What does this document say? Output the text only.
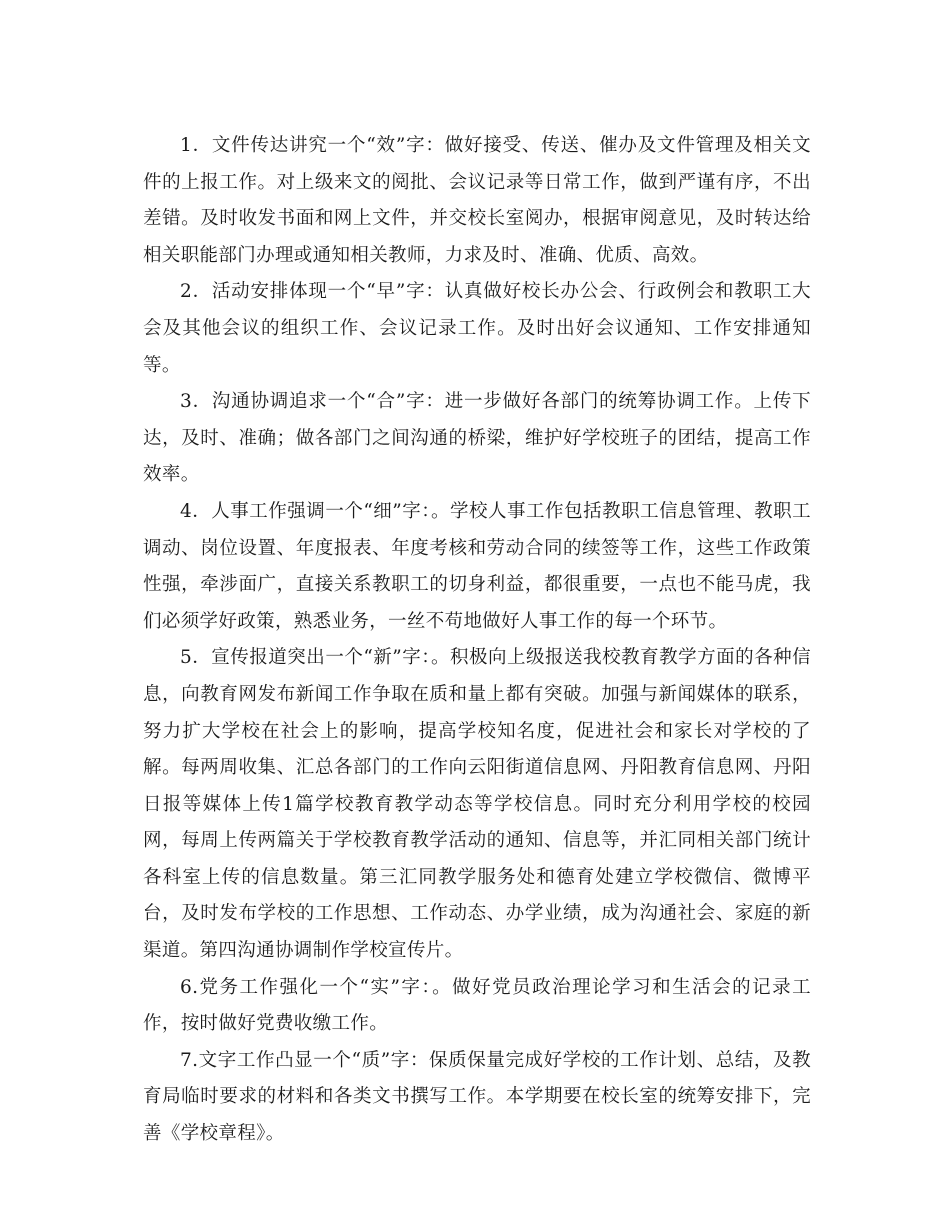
1．文件传达讲究一个“效”字：做好接受、传送、催办及文件管理及相关文件的上报工作。对上级来文的阅批、会议记录等日常工作，做到严谨有序，不出差错。及时收发书面和网上文件，并交校长室阅办，根据审阅意见，及时转达给相关职能部门办理或通知相关教师，力求及时、准确、优质、高效。

2．活动安排体现一个“早”字：认真做好校长办公会、行政例会和教职工大会及其他会议的组织工作、会议记录工作。及时出好会议通知、工作安排通知等。

3．沟通协调追求一个“合”字：进一步做好各部门的统筹协调工作。上传下达，及时、准确；做各部门之间沟通的桥梁，维护好学校班子的团结，提高工作效率。

4．人事工作强调一个“细”字：。学校人事工作包括教职工信息管理、教职工调动、岗位设置、年度报表、年度考核和劳动合同的续签等工作，这些工作政策性强，牵涉面广，直接关系教职工的切身利益，都很重要，一点也不能马虎，我们必须学好政策，熟悉业务，一丝不苟地做好人事工作的每一个环节。

5．宣传报道突出一个“新”字：。积极向上级报送我校教育教学方面的各种信息，向教育网发布新闻工作争取在质和量上都有突破。加强与新闻媒体的联系，努力扩大学校在社会上的影响，提高学校知名度，促进社会和家长对学校的了解。每两周收集、汇总各部门的工作向云阳街道信息网、丹阳教育信息网、丹阳日报等媒体上传1篇学校教育教学动态等学校信息。同时充分利用学校的校园网，每周上传两篇关于学校教育教学活动的通知、信息等，并汇同相关部门统计各科室上传的信息数量。第三汇同教学服务处和德育处建立学校微信、微博平台，及时发布学校的工作思想、工作动态、办学业绩，成为沟通社会、家庭的新渠道。第四沟通协调制作学校宣传片。

6.党务工作强化一个“实”字：。做好党员政治理论学习和生活会的记录工作，按时做好党费收缴工作。

7.文字工作凸显一个“质”字：保质保量完成好学校的工作计划、总结，及教育局临时要求的材料和各类文书撰写工作。本学期要在校长室的统筹安排下，完善《学校章程》。
